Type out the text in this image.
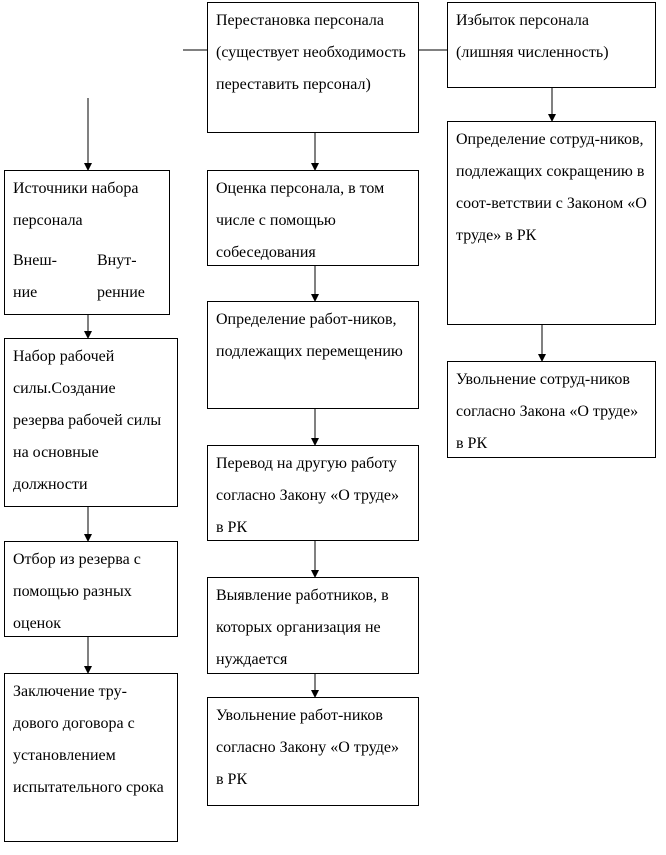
Перестановка персонала (существует необходимость переставить персонал)
Оценка персонала, в том числе с помощью собеседования
Определение работ-ников, подлежащих перемещению
Перевод на другую работу согласно Закону «О труде» в РК
Выявление работников, в которых организация не нуждается
Увольнение работ-ников согласно Закону «О труде» в РК
Избыток персонала (лишняя численность)
Определение сотруд-ников, подлежащих сокращению в соот-ветствии с Законом «О труде» в РК
Увольнение сотруд-ников согласно Закона «О труде» в РК
Источники набора персонала
Внеш-ние
Внут-ренние
Набор рабочей силы.Создание резерва рабочей силы на основные должности
Отбор из резерва с помощью разных оценок
Заключение тру-дового договора с установлением испытательного срока
